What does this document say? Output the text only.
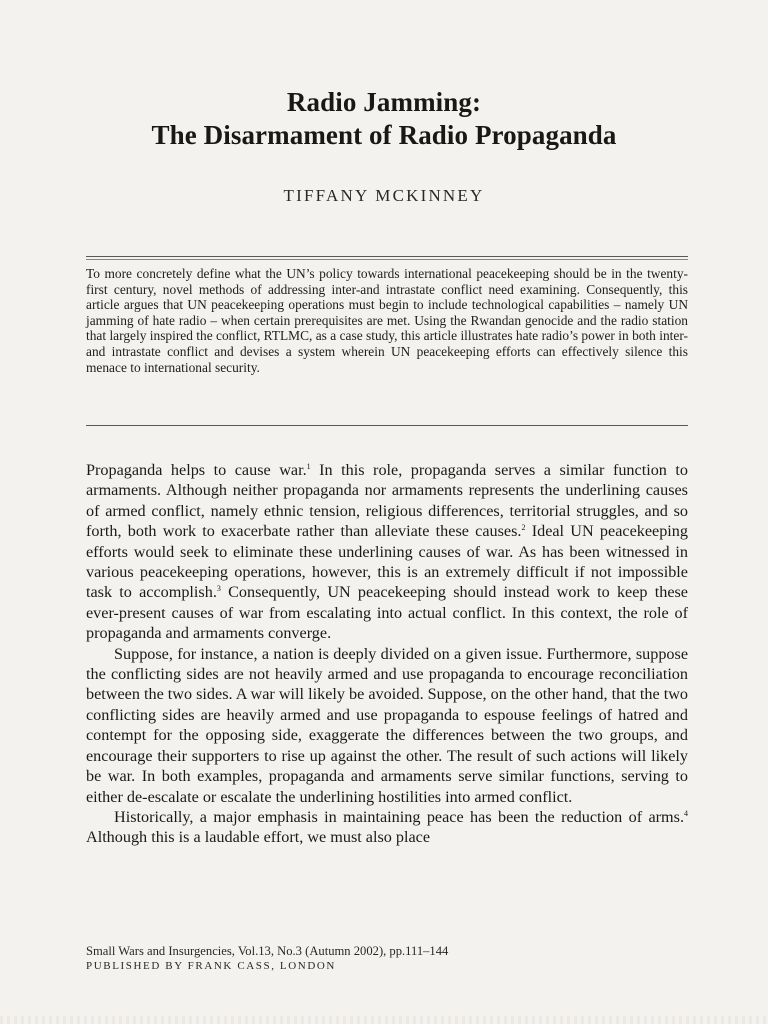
Radio Jamming:
The Disarmament of Radio Propaganda
TIFFANY MCKINNEY

To more concretely define what the UN’s policy towards international peacekeeping should be in the twenty-first century, novel methods of addressing inter-and intrastate conflict need examining. Consequently, this article argues that UN peacekeeping operations must begin to include technological capabilities – namely UN jamming of hate radio – when certain prerequisites are met. Using the Rwandan genocide and the radio station that largely inspired the conflict, RTLMC, as a case study, this article illustrates hate radio’s power in both inter- and intrastate conflict and devises a system wherein UN peacekeeping efforts can effectively silence this menace to international security.

Propaganda helps to cause war.$^1$ In this role, propaganda serves a similar function to armaments. Although neither propaganda nor armaments represents the underlining causes of armed conflict, namely ethnic tension, religious differences, territorial struggles, and so forth, both work to exacerbate rather than alleviate these causes.$^2$ Ideal UN peacekeeping efforts would seek to eliminate these underlining causes of war. As has been witnessed in various peacekeeping operations, however, this is an extremely difficult if not impossible task to accomplish.$^3$ Consequently, UN peacekeeping should instead work to keep these ever-present causes of war from escalating into actual conflict. In this context, the role of propaganda and armaments converge.

Suppose, for instance, a nation is deeply divided on a given issue. Furthermore, suppose the conflicting sides are not heavily armed and use propaganda to encourage reconciliation between the two sides. A war will likely be avoided. Suppose, on the other hand, that the two conflicting sides are heavily armed and use propaganda to espouse feelings of hatred and contempt for the opposing side, exaggerate the differences between the two groups, and encourage their supporters to rise up against the other. The result of such actions will likely be war. In both examples, propaganda and armaments serve similar functions, serving to either de-escalate or escalate the underlining hostilities into armed conflict.

Historically, a major emphasis in maintaining peace has been the reduction of arms.$^4$ Although this is a laudable effort, we must also place

Small Wars and Insurgencies, Vol.13, No.3 (Autumn 2002), pp.111–144
PUBLISHED BY FRANK CASS, LONDON
